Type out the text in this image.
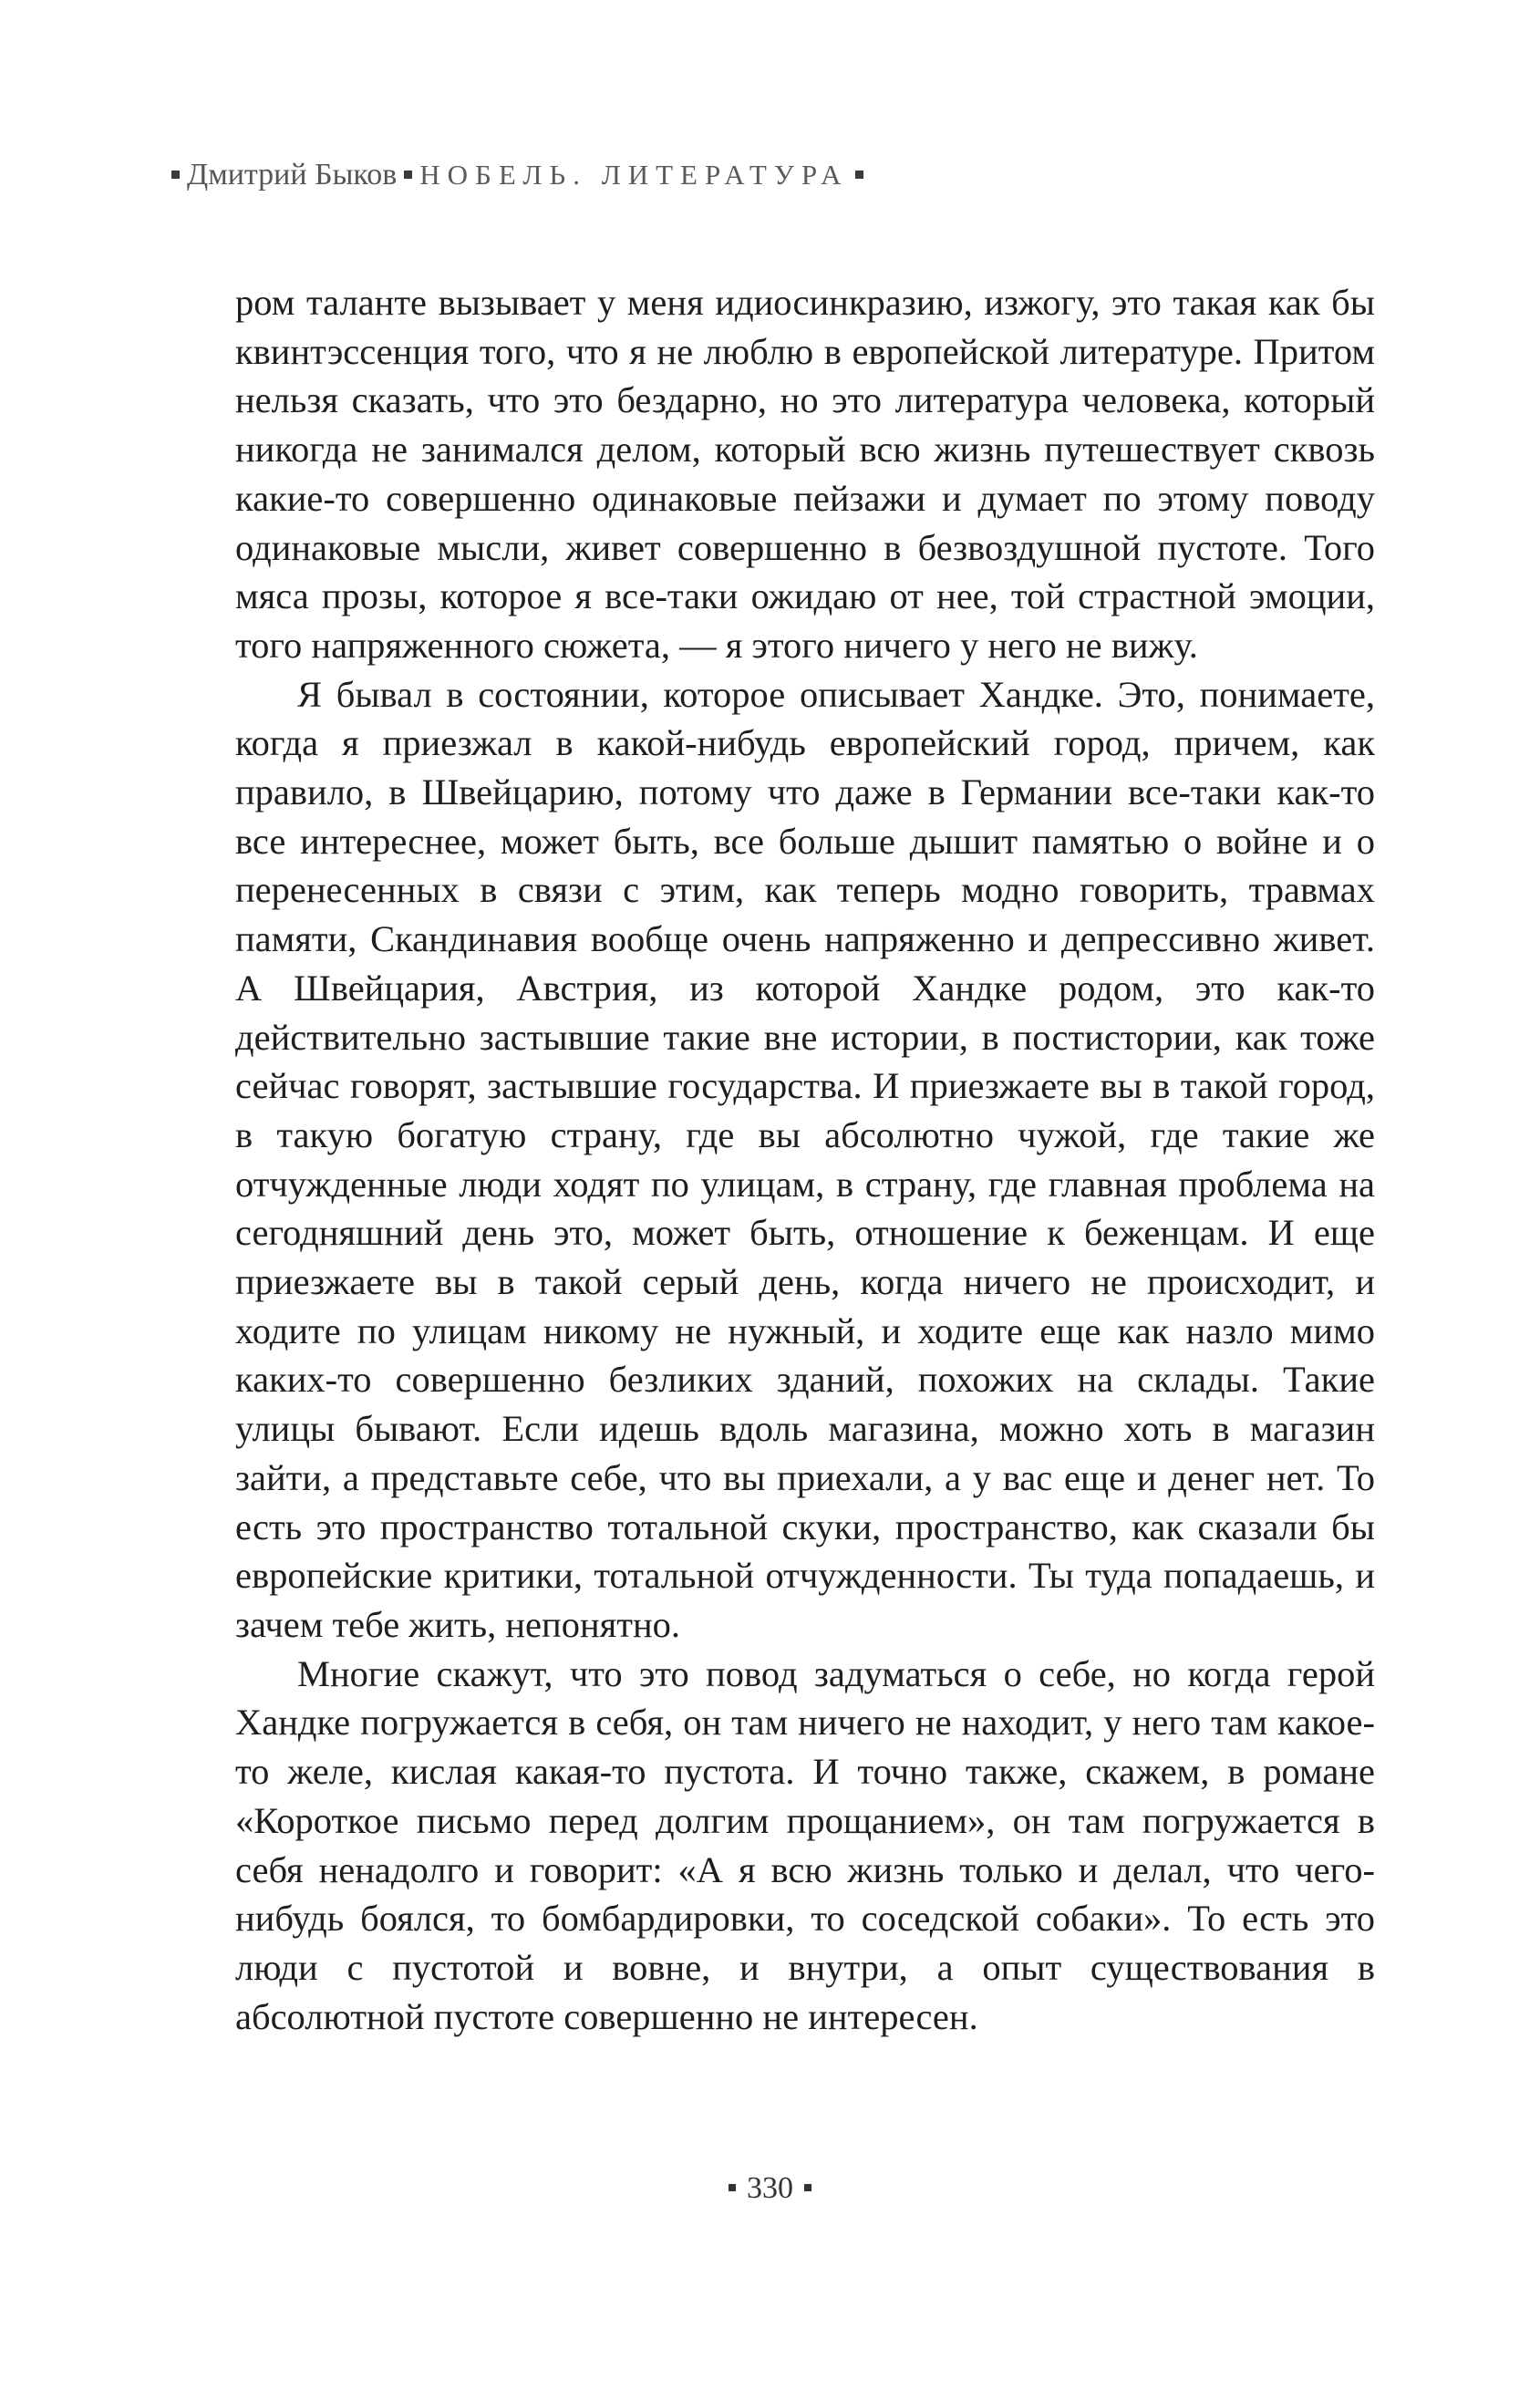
Дмитрий Быков НОБЕЛЬ. ЛИТЕРАТУРА

ром таланте вызывает у меня идиосинкразию, изжогу, это такая как бы квинтэссенция того, что я не люблю в европейской литературе. Притом нельзя сказать, что это бездарно, но это литература человека, который никогда не занимался делом, который всю жизнь путешествует сквозь какие-то совершенно одинаковые пейзажи и думает по этому поводу одинаковые мысли, живет совершенно в безвоздушной пустоте. Того мяса прозы, которое я все-таки ожидаю от нее, той страстной эмоции, того напряженного сюжета, — я этого ничего у него не вижу.

Я бывал в состоянии, которое описывает Хандке. Это, понимаете, когда я приезжал в какой-нибудь европейский город, причем, как правило, в Швейцарию, потому что даже в Германии все-таки как-то все интереснее, может быть, все больше дышит памятью о войне и о перенесенных в связи с этим, как теперь модно говорить, травмах памяти, Скандинавия вообще очень напряженно и депрессивно живет. А Швейцария, Австрия, из которой Хандке родом, это как-то действительно застывшие такие вне истории, в постистории, как тоже сейчас говорят, застывшие государства. И приезжаете вы в такой город, в такую богатую страну, где вы абсолютно чужой, где такие же отчужденные люди ходят по улицам, в страну, где главная проблема на сегодняшний день это, может быть, отношение к беженцам. И еще приезжаете вы в такой серый день, когда ничего не происходит, и ходите по улицам никому не нужный, и ходите еще как назло мимо каких-то совершенно безликих зданий, похожих на склады. Такие улицы бывают. Если идешь вдоль магазина, можно хоть в магазин зайти, а представьте себе, что вы приехали, а у вас еще и денег нет. То есть это пространство тотальной скуки, пространство, как сказали бы европейские критики, тотальной отчужденности. Ты туда попадаешь, и зачем тебе жить, непонятно.

Многие скажут, что это повод задуматься о себе, но когда герой Хандке погружается в себя, он там ничего не находит, у него там какое-то желе, кислая какая-то пустота. И точно также, скажем, в романе «Короткое письмо перед долгим прощанием», он там погружается в себя ненадолго и говорит: «А я всю жизнь только и делал, что чего-нибудь боялся, то бомбардировки, то соседской собаки». То есть это люди с пустотой и вовне, и внутри, а опыт существования в абсолютной пустоте совершенно не интересен.

330
